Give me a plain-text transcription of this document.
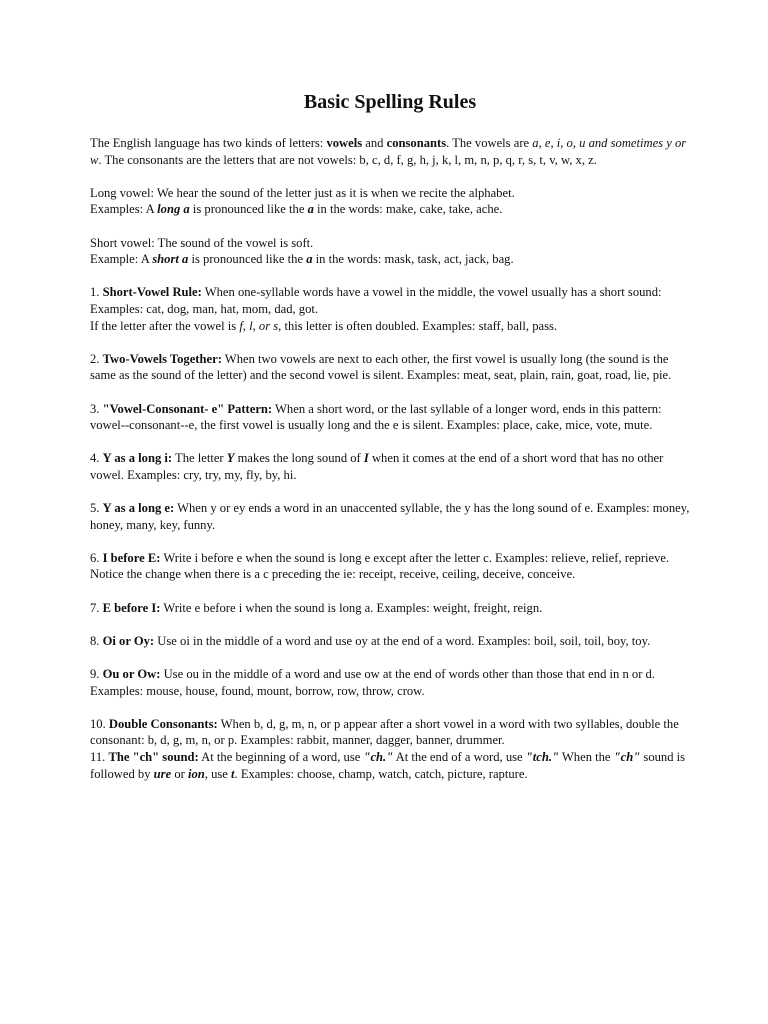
Basic Spelling Rules

The English language has two kinds of letters: vowels and consonants. The vowels are a, e, i, o, u and sometimes y or w. The consonants are the letters that are not vowels: b, c, d, f, g, h, j, k, l, m, n, p, q, r, s, t, v, w, x, z.

Long vowel: We hear the sound of the letter just as it is when we recite the alphabet.
Examples: A long a is pronounced like the a in the words: make, cake, take, ache.

Short vowel: The sound of the vowel is soft.
Example: A short a is pronounced like the a in the words: mask, task, act, jack, bag.

1. Short-Vowel Rule: When one-syllable words have a vowel in the middle, the vowel usually has a short sound: Examples: cat, dog, man, hat, mom, dad, got.
If the letter after the vowel is f, l, or s, this letter is often doubled. Examples: staff, ball, pass.

2. Two-Vowels Together: When two vowels are next to each other, the first vowel is usually long (the sound is the same as the sound of the letter) and the second vowel is silent. Examples: meat, seat, plain, rain, goat, road, lie, pie.

3. "Vowel-Consonant- e" Pattern: When a short word, or the last syllable of a longer word, ends in this pattern: vowel--consonant--e, the first vowel is usually long and the e is silent. Examples: place, cake, mice, vote, mute.

4. Y as a long i: The letter Y makes the long sound of I when it comes at the end of a short word that has no other vowel. Examples: cry, try, my, fly, by, hi.

5. Y as a long e: When y or ey ends a word in an unaccented syllable, the y has the long sound of e. Examples: money, honey, many, key, funny.

6. I before E: Write i before e when the sound is long e except after the letter c. Examples: relieve, relief, reprieve. Notice the change when there is a c preceding the ie: receipt, receive, ceiling, deceive, conceive.

7. E before I: Write e before i when the sound is long a. Examples: weight, freight, reign.

8. Oi or Oy: Use oi in the middle of a word and use oy at the end of a word. Examples: boil, soil, toil, boy, toy.

9. Ou or Ow: Use ou in the middle of a word and use ow at the end of words other than those that end in n or d. Examples: mouse, house, found, mount, borrow, row, throw, crow.

10. Double Consonants: When b, d, g, m, n, or p appear after a short vowel in a word with two syllables, double the consonant: b, d, g, m, n, or p. Examples: rabbit, manner, dagger, banner, drummer.

11. The "ch" sound: At the beginning of a word, use "ch." At the end of a word, use "tch." When the "ch" sound is followed by ure or ion, use t. Examples: choose, champ, watch, catch, picture, rapture.
